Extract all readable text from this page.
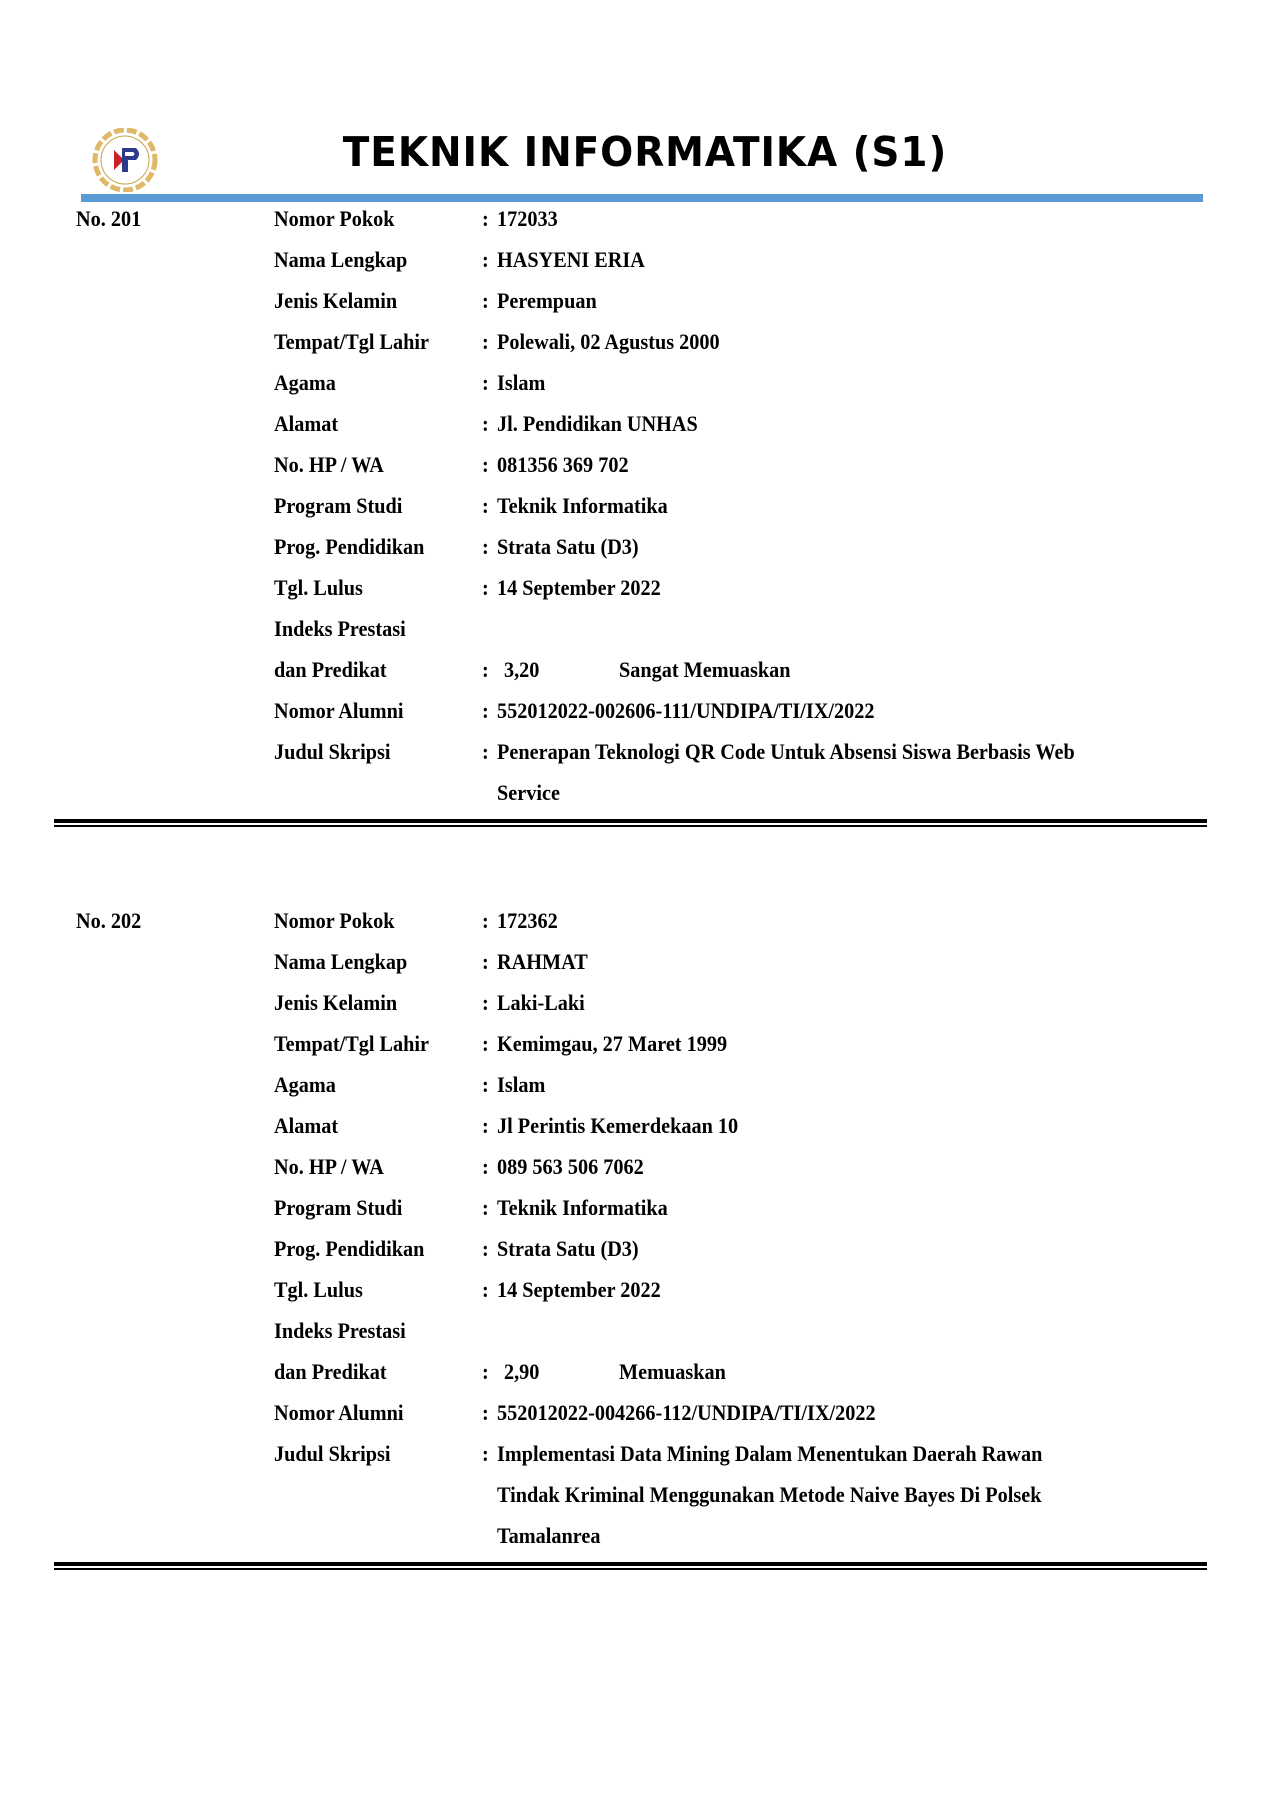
TEKNIK INFORMATIKA (S1)
No. 201	Nomor Pokok	: 172033
Nama Lengkap	: HASYENI ERIA
Jenis Kelamin	: Perempuan
Tempat/Tgl Lahir : Polewali, 02 Agustus 2000
Agama	: Islam
Alamat	: Jl. Pendidikan UNHAS
No. HP / WA	: 081356 369 702
Program Studi	: Teknik Informatika
Prog. Pendidikan	: Strata Satu (D3)
Tgl. Lulus	: 14 September 2022
Indeks Prestasi
dan Predikat	: 3,20	Sangat Memuaskan
Nomor Alumni	: 552012022-002606-111/UNDIPA/TI/IX/2022
Judul Skripsi	: Penerapan Teknologi QR Code Untuk Absensi Siswa Berbasis Web
Service
No. 202	Nomor Pokok	: 172362
Nama Lengkap	: RAHMAT
Jenis Kelamin	: Laki-Laki
Tempat/Tgl Lahir : Kemimgau, 27 Maret 1999
Agama	: Islam
Alamat	: Jl Perintis Kemerdekaan 10
No. HP / WA	: 089 563 506 7062
Program Studi	: Teknik Informatika
Prog. Pendidikan	: Strata Satu (D3)
Tgl. Lulus	: 14 September 2022
Indeks Prestasi
dan Predikat	: 2,90	Memuaskan
Nomor Alumni	: 552012022-004266-112/UNDIPA/TI/IX/2022
Judul Skripsi	: Implementasi Data Mining Dalam Menentukan Daerah Rawan
Tindak Kriminal Menggunakan Metode Naive Bayes Di Polsek
Tamalanrea
